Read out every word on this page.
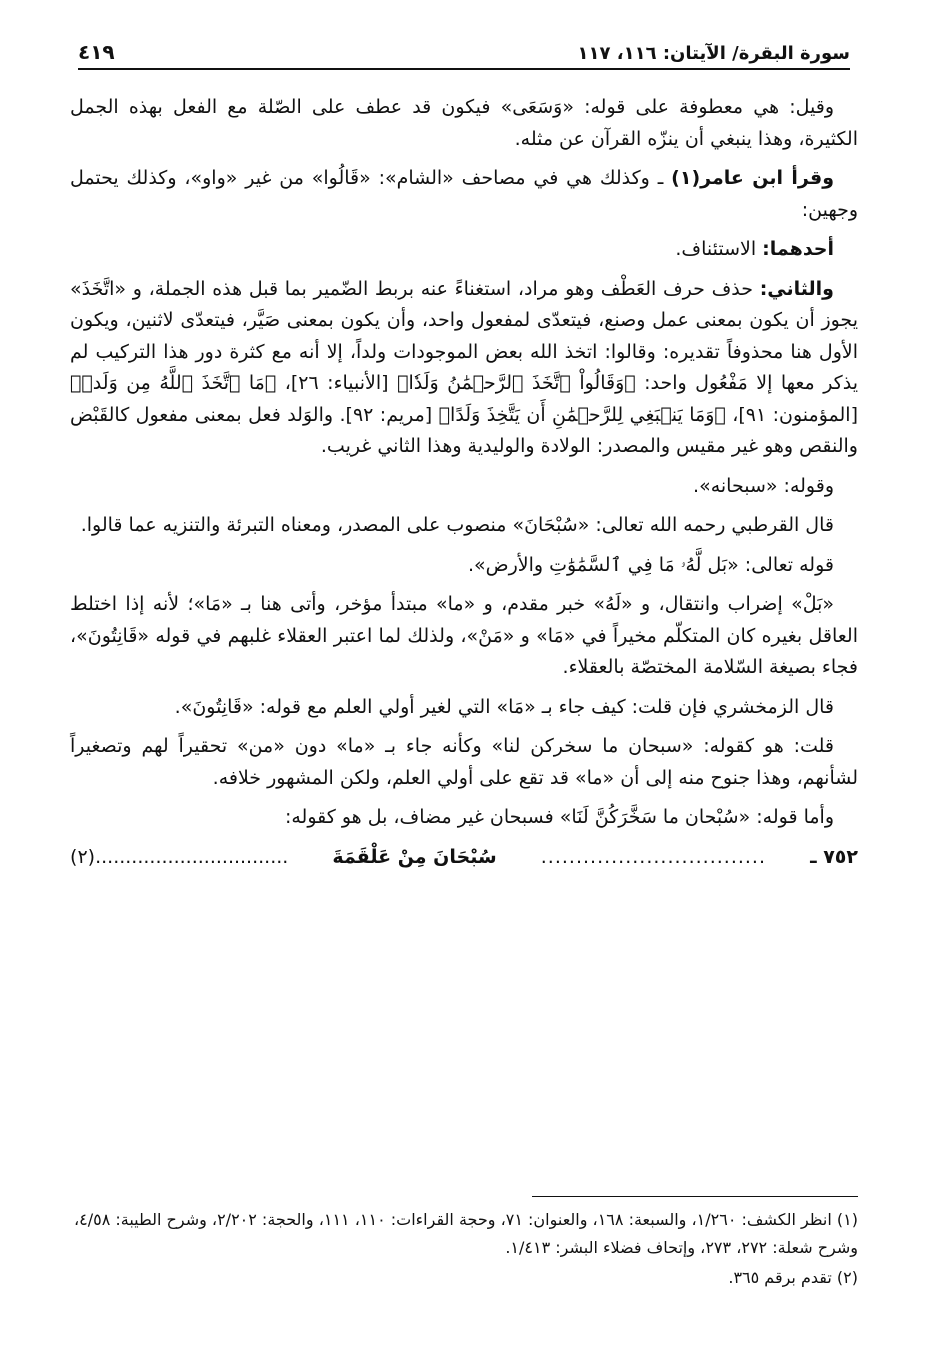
سورة البقرة/ الآيتان: ١١٦، ١١٧
٤١٩

وقيل: هي معطوفة على قوله: «وَسَعَى» فيكون قد عطف على الصّلة مع الفعل بهذه الجمل الكثيرة، وهذا ينبغي أن ينزّه القرآن عن مثله.

وقرأ ابن عامر(١) ـ وكذلك هي في مصاحف «الشام»: «قَالُوا» من غير «واو»، وكذلك يحتمل وجهين:

أحدهما: الاستئناف.

والثاني: حذف حرف العَطْف وهو مراد، استغناءً عنه بربط الضّمير بما قبل هذه الجملة، و «اتَّخَذَ» يجوز أن يكون بمعنى عمل وصنع، فيتعدّى لمفعول واحد، وأن يكون بمعنى صَيَّر، فيتعدّى لاثنين، ويكون الأول هنا محذوفاً تقديره: وقالوا: اتخذ الله بعض الموجودات ولداً، إلا أنه مع كثرة دور هذا التركيب لم يذكر معها إلا مَفْعُول واحد: ﴿وَقَالُواْ ٱتَّخَذَ ٱلرَّحۡمَٰنُ وَلَدٗا﴾ [الأنبياء: ٢٦]، ﴿مَا ٱتَّخَذَ ٱللَّهُ مِن وَلَدٖ﴾ [المؤمنون: ٩١]، ﴿وَمَا يَنۢبَغِي لِلرَّحۡمَٰنِ أَن يَتَّخِذَ وَلَدًا﴾ [مريم: ٩٢]. والوَلد فعل بمعنى مفعول كالقَبْض والنقص وهو غير مقيس والمصدر: الولادة والوليدية وهذا الثاني غريب.

وقوله: «سبحانه».

قال القرطبي رحمه الله تعالى: «سُبْحَانَ» منصوب على المصدر، ومعناه التبرئة والتنزيه عما قالوا.

قوله تعالى: «بَل لَّهُۥ مَا فِي ٱلسَّمَٰوَٰتِ والأرض».

«بَلْ» إضراب وانتقال، و «لَهُ» خبر مقدم، و «ما» مبتدأ مؤخر، وأتى هنا بـ «مَا»؛ لأنه إذا اختلط العاقل بغيره كان المتكلّم مخيراً في «مَا» و «مَنْ»، ولذلك لما اعتبر العقلاء غلبهم في قوله «قَانِتُونَ»، فجاء بصيغة السّلامة المختصّة بالعقلاء.

قال الزمخشري فإن قلت: كيف جاء بـ «مَا» التي لغير أولي العلم مع قوله: «قَانِتُونَ».

قلت: هو كقوله: «سبحان ما سخركن لنا» وكأنه جاء بـ «ما» دون «من» تحقيراً لهم وتصغيراً لشأنهم، وهذا جنوح منه إلى أن «ما» قد تقع على أولي العلم، ولكن المشهور خلافه.

وأما قوله: «سُبْحان ما سَخَّرَكُنَّ لَنَا» فسبحان غير مضاف، بل هو كقوله:

٧٥٢ ـ
................................
سُبْحَانَ مِنْ عَلْقَمَةَ
(٢)................................

(١) انظر الكشف: ١/٢٦٠، والسبعة: ١٦٨، والعنوان: ٧١، وحجة القراءات: ١١٠، ١١١، والحجة: ٢/٢٠٢، وشرح الطيبة: ٤/٥٨، وشرح شعلة: ٢٧٢، ٢٧٣، وإتحاف فضلاء البشر: ١/٤١٣.

(٢) تقدم برقم ٣٦٥.
